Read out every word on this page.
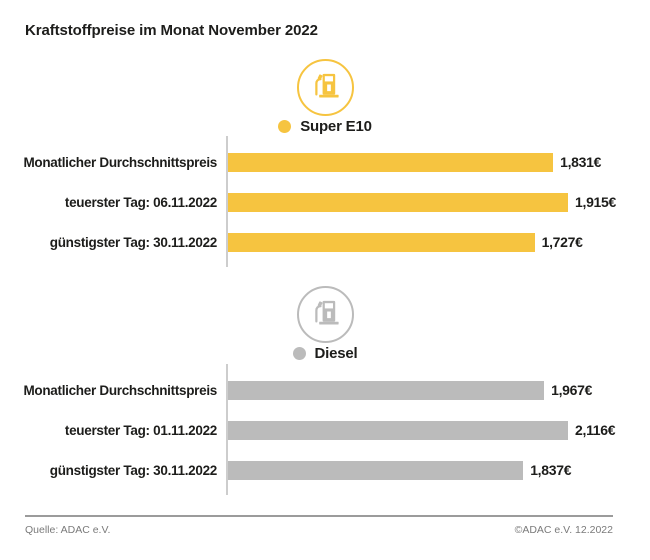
Kraftstoffpreise im Monat November 2022
Super E10
Monatlicher Durchschnittspreis	1,831€
teuerster Tag: 06.11.2022	1,915€
günstigster Tag: 30.11.2022	1,727€
Diesel
Monatlicher Durchschnittspreis	1,967€
teuerster Tag: 01.11.2022	2,116€
günstigster Tag: 30.11.2022	1,837€
Quelle: ADAC e.V.	©ADAC e.V. 12.2022
